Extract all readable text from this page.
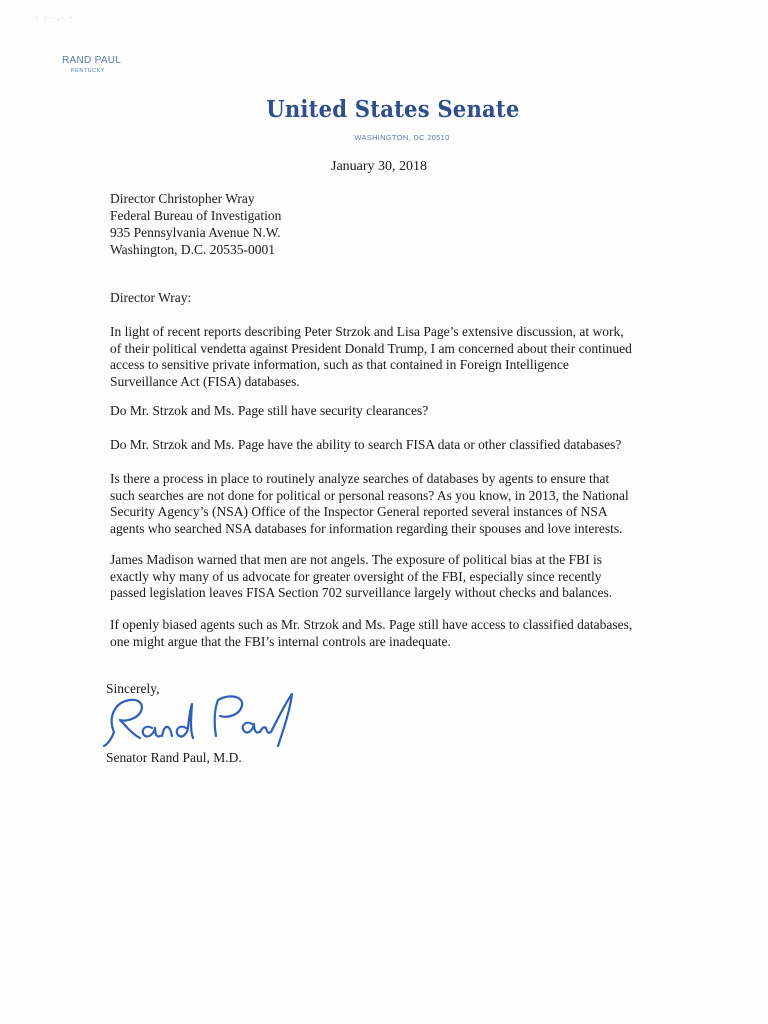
· · ·.· ·
RAND PAUL
KENTUCKY
United States Senate
WASHINGTON, DC 20510
January 30, 2018
Director Christopher Wray
Federal Bureau of Investigation
935 Pennsylvania Avenue N.W.
Washington, D.C. 20535-0001
Director Wray:
In light of recent reports describing Peter Strzok and Lisa Page’s extensive discussion, at work,
of their political vendetta against President Donald Trump, I am concerned about their continued
access to sensitive private information, such as that contained in Foreign Intelligence
Surveillance Act (FISA) databases.
Do Mr. Strzok and Ms. Page still have security clearances?
Do Mr. Strzok and Ms. Page have the ability to search FISA data or other classified databases?
Is there a process in place to routinely analyze searches of databases by agents to ensure that
such searches are not done for political or personal reasons? As you know, in 2013, the National
Security Agency’s (NSA) Office of the Inspector General reported several instances of NSA
agents who searched NSA databases for information regarding their spouses and love interests.
James Madison warned that men are not angels. The exposure of political bias at the FBI is
exactly why many of us advocate for greater oversight of the FBI, especially since recently
passed legislation leaves FISA Section 702 surveillance largely without checks and balances.
If openly biased agents such as Mr. Strzok and Ms. Page still have access to classified databases,
one might argue that the FBI’s internal controls are inadequate.
Sincerely,
Senator Rand Paul, M.D.
